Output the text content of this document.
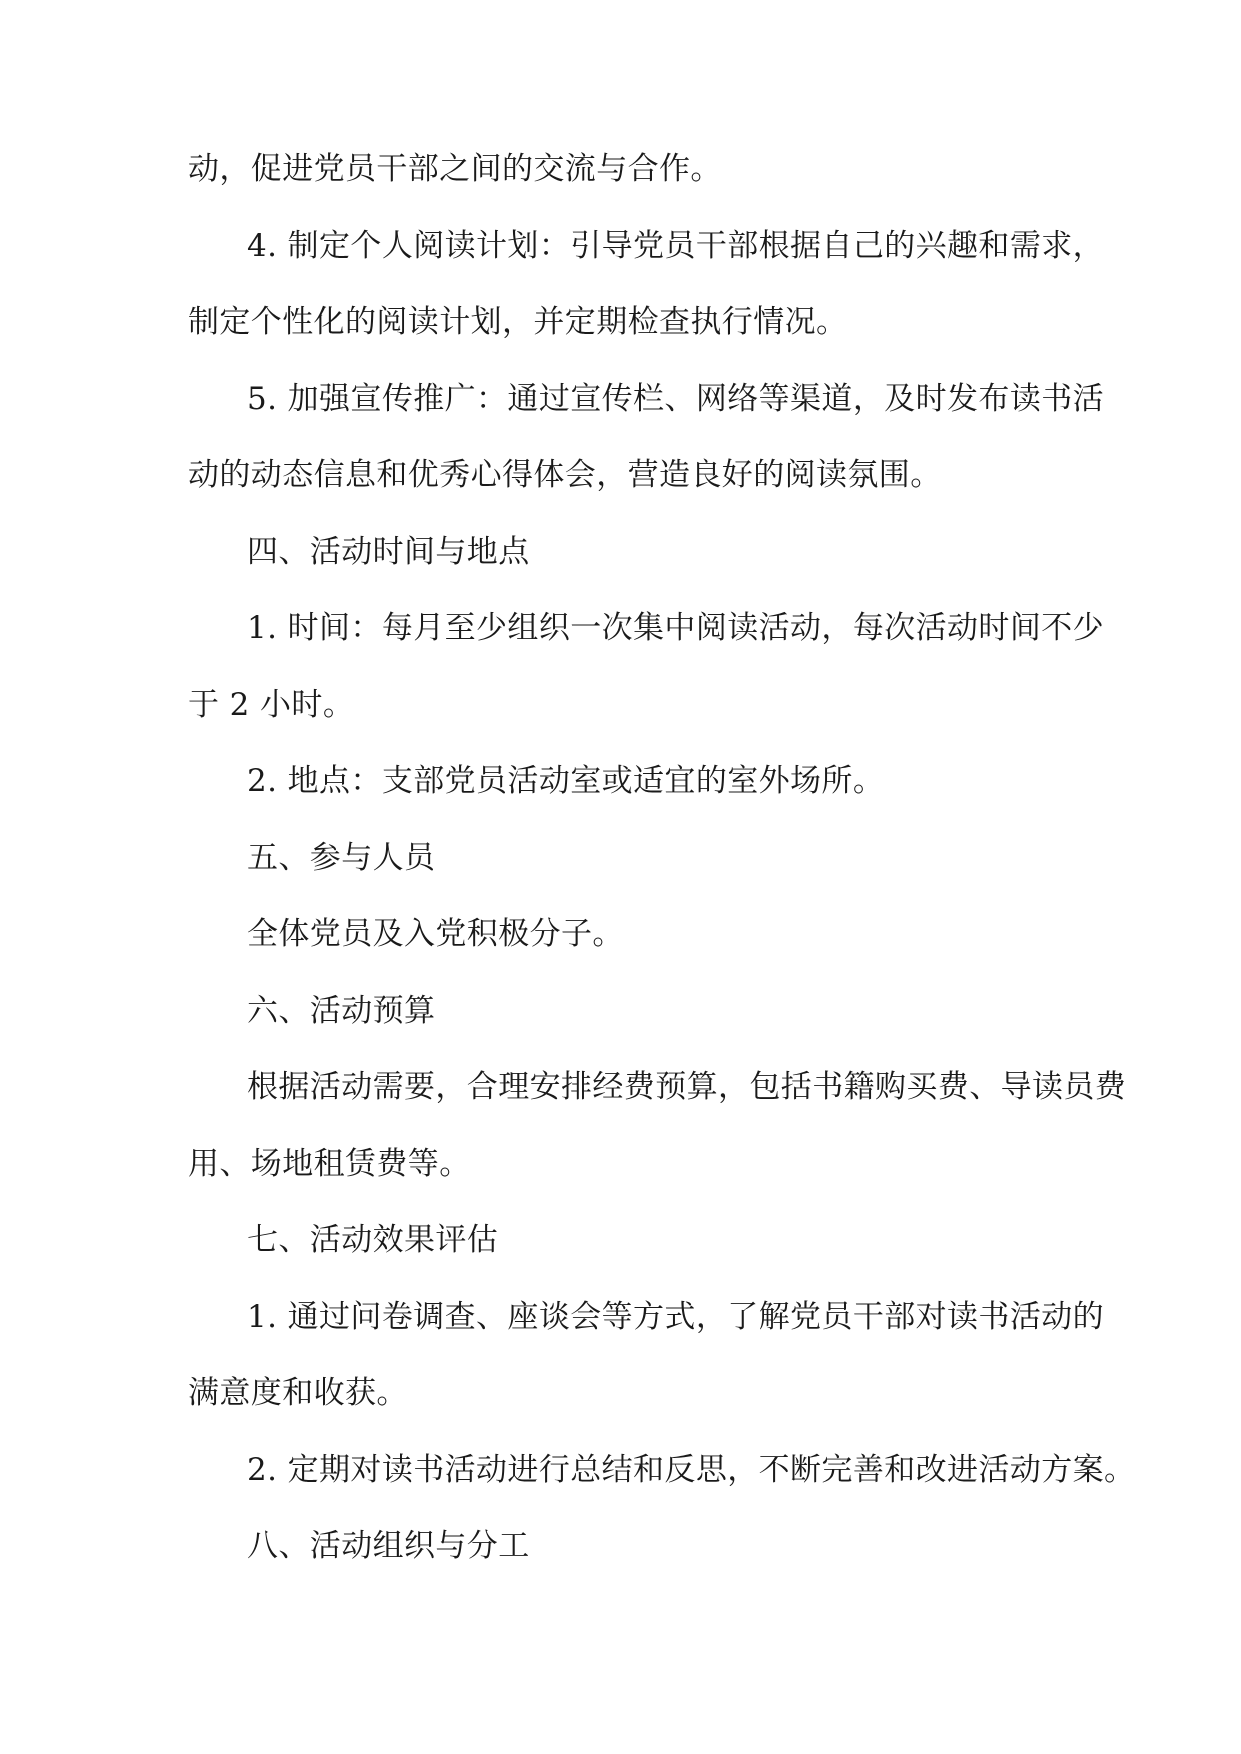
动，促进党员干部之间的交流与合作。
4. 制定个人阅读计划：引导党员干部根据自己的兴趣和需求，
制定个性化的阅读计划，并定期检查执行情况。
5. 加强宣传推广：通过宣传栏、网络等渠道，及时发布读书活
动的动态信息和优秀心得体会，营造良好的阅读氛围。
四、活动时间与地点
1. 时间：每月至少组织一次集中阅读活动，每次活动时间不少
于 2 小时。
2. 地点：支部党员活动室或适宜的室外场所。
五、参与人员
全体党员及入党积极分子。
六、活动预算
根据活动需要，合理安排经费预算，包括书籍购买费、导读员费
用、场地租赁费等。
七、活动效果评估
1. 通过问卷调查、座谈会等方式，了解党员干部对读书活动的
满意度和收获。
2. 定期对读书活动进行总结和反思，不断完善和改进活动方案。
八、活动组织与分工
